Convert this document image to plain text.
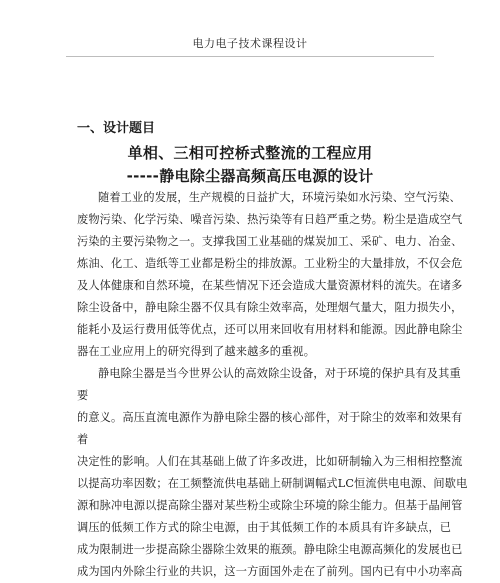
电力电子技术课程设计
一、设计题目
单相、三相可控桥式整流的工程应用
-----静电除尘器高频高压电源的设计
随着工业的发展，生产规模的日益扩大，环境污染如水污染、空气污染、
废物污染、化学污染、噪音污染、热污染等有日趋严重之势。粉尘是造成空气
污染的主要污染物之一。支撑我国工业基础的煤炭加工、采矿、电力、冶金、
炼油、化工、造纸等工业都是粉尘的排放源。工业粉尘的大量排放，不仅会危
及人体健康和自然环境，在某些情况下还会造成大量资源材料的流失。在诸多
除尘设备中，静电除尘器不仅具有除尘效率高，处理烟气量大，阻力损失小，
能耗小及运行费用低等优点，还可以用来回收有用材料和能源。因此静电除尘
器在工业应用上的研究得到了越来越多的重视。
静电除尘器是当今世界公认的高效除尘设备，对于环境的保护具有及其重
要
的意义。高压直流电源作为静电除尘器的核心部件，对于除尘的效率和效果有
着
决定性的影响。人们在其基础上做了许多改进，比如研制输入为三相相控整流
以提高功率因数；在工频整流供电基础上研制调幅式LC恒流供电电源、间歇电
源和脉冲电源以提高除尘器对某些粉尘或除尘环境的除尘能力。但基于晶闸管
调压的低频工作方式的除尘电源，由于其低频工作的本质具有许多缺点，已
成为限制进一步提高除尘器除尘效果的瓶颈。静电除尘电源高频化的发展也已
成为国内外除尘行业的共识，这一方面国外走在了前列。国内已有中小功率高
